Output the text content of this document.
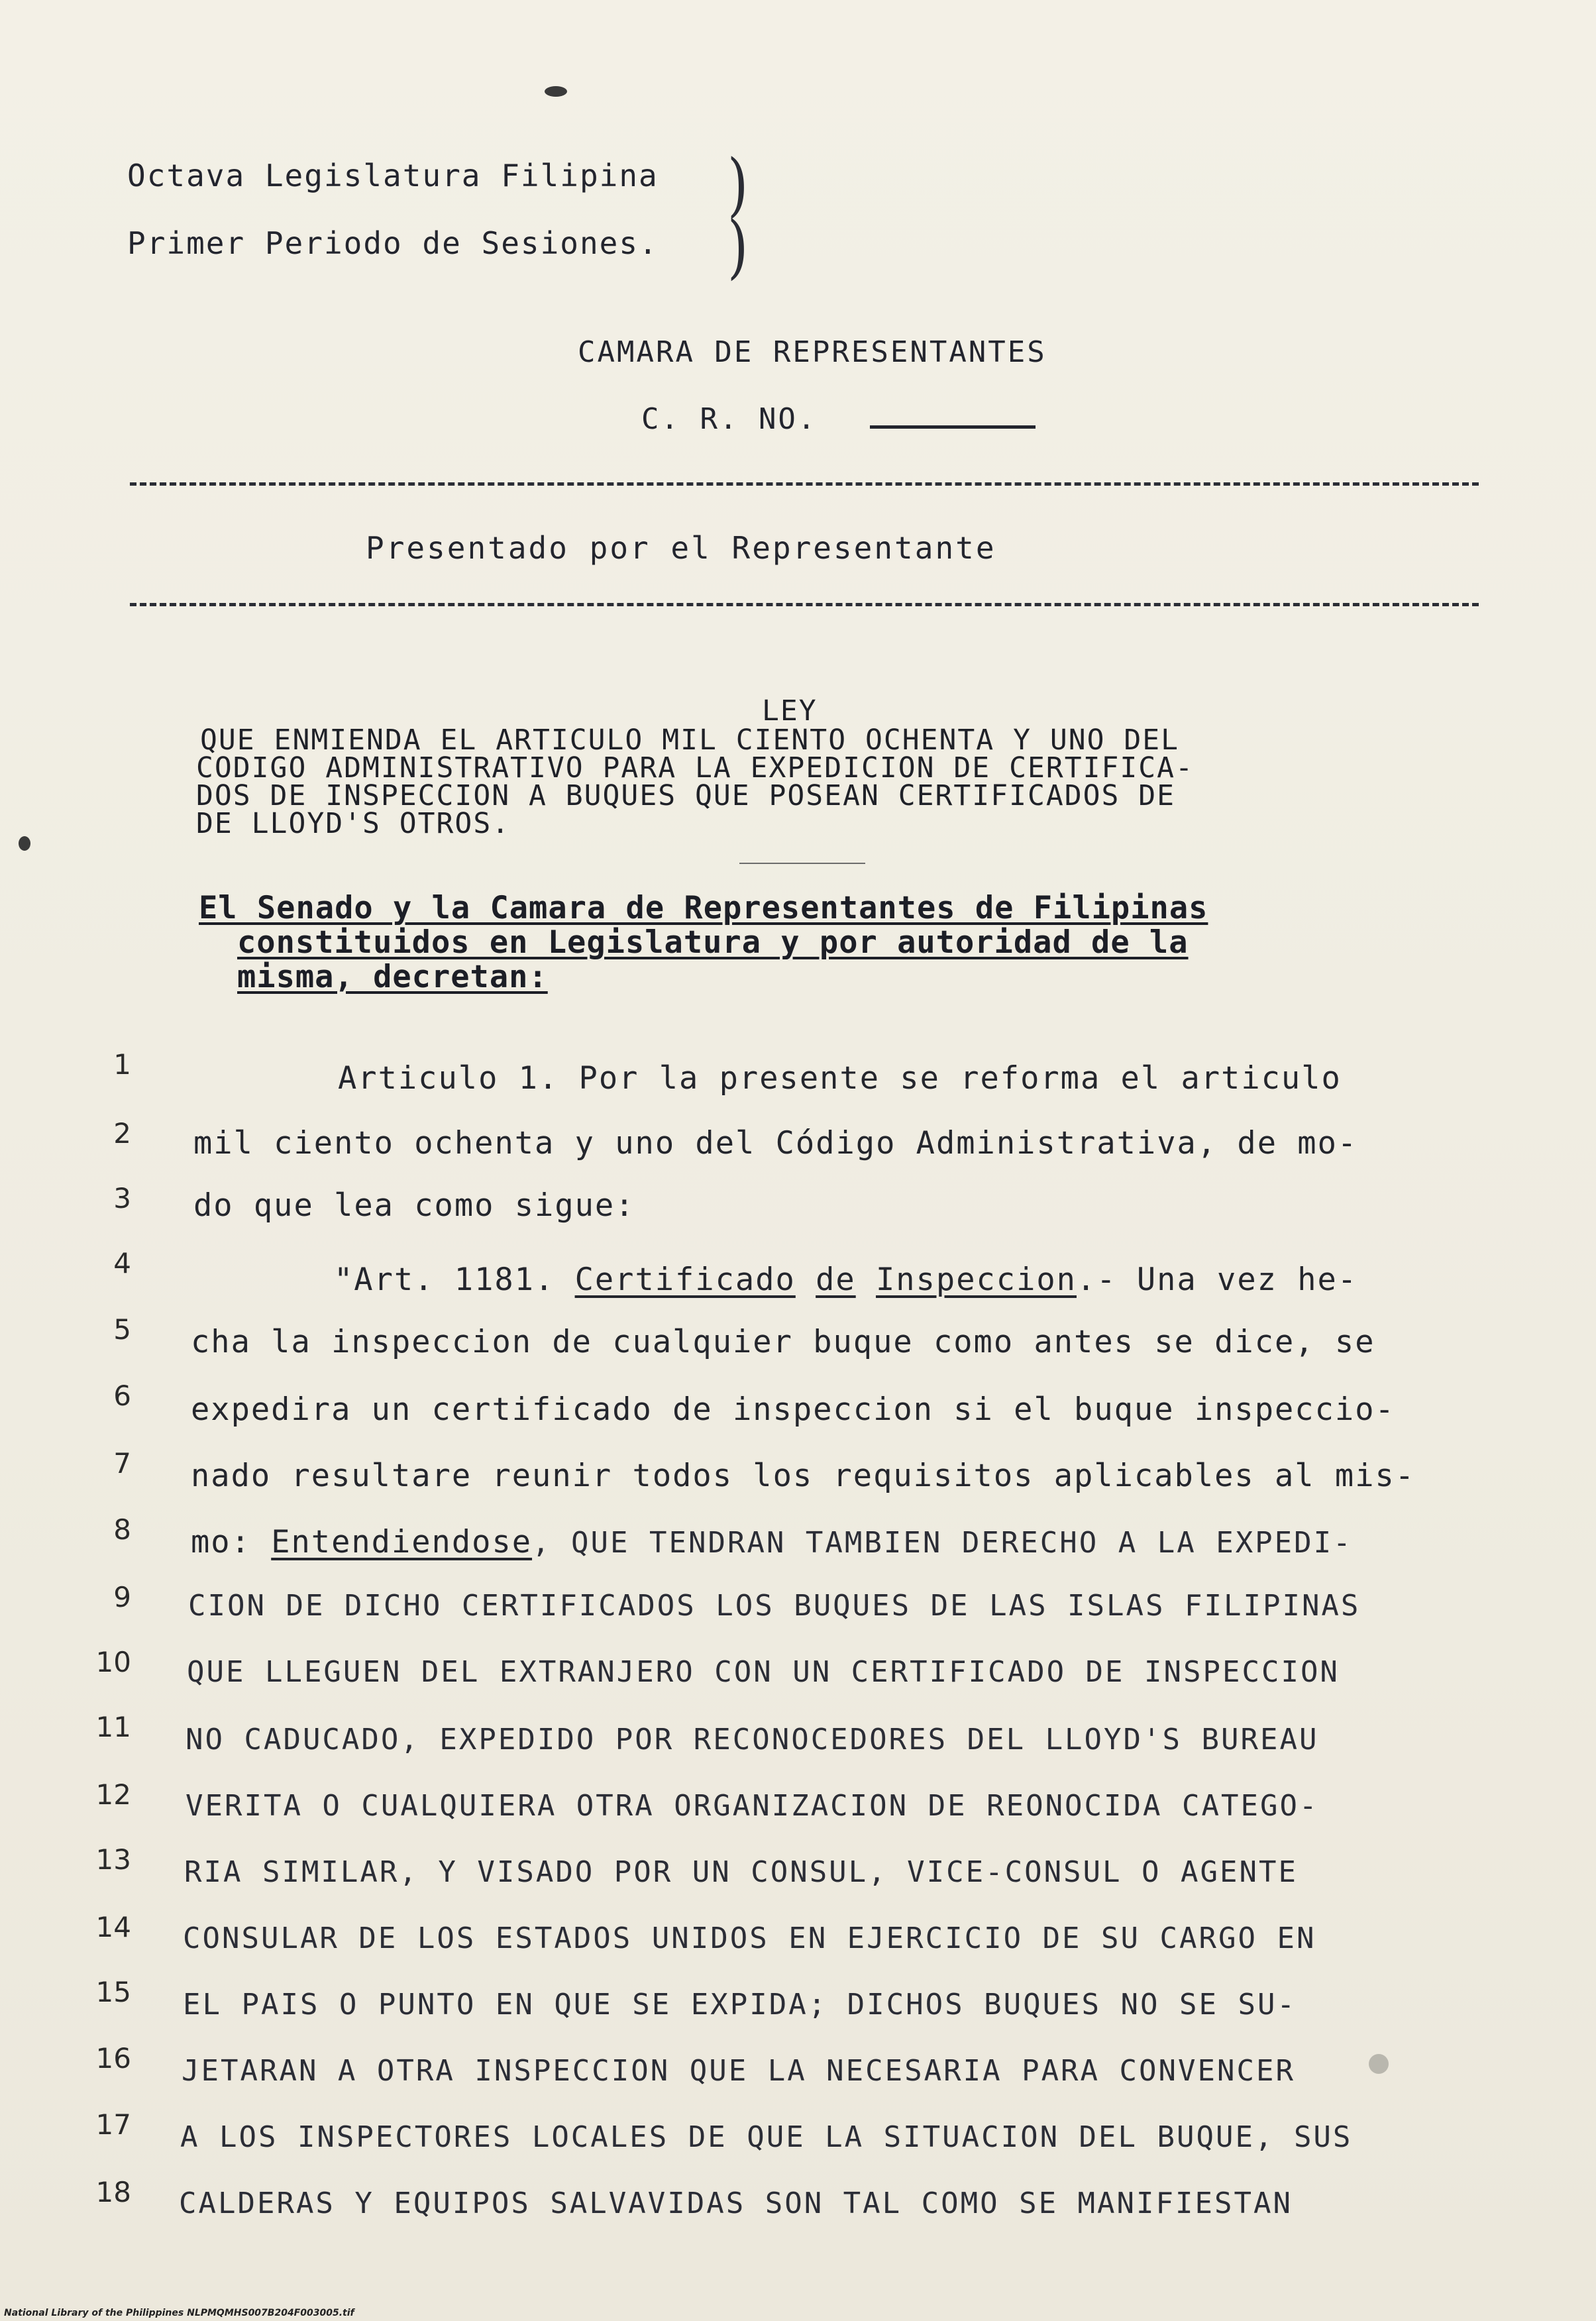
Octava Legislatura Filipina
Primer Periodo de Sesiones.
)
)
CAMARA DE REPRESENTANTES
C. R. NO.
Presentado por el Representante
LEY
QUE ENMIENDA EL ARTICULO MIL CIENTO OCHENTA Y UNO DEL
CODIGO ADMINISTRATIVO PARA LA EXPEDICION DE CERTIFICA-
DOS DE INSPECCION A BUQUES QUE POSEAN CERTIFICADOS DE
DE LLOYD'S OTROS.
El Senado y la Camara de Representantes de Filipinas
constituidos en Legislatura y por autoridad de la
misma, decretan:
1	Articulo 1. Por la presente se reforma el articulo
2 mil ciento ochenta y uno del Código Administrativa, de mo-
3 do que lea como sigue:
4	"Art. 1181. Certificado de Inspeccion.- Una vez he-
5 cha la inspeccion de cualquier buque como antes se dice, se
6 expedira un certificado de inspeccion si el buque inspeccio-
7 nado resultare reunir todos los requisitos aplicables al mis-
8 mo: Entendiendose, QUE TENDRAN TAMBIEN DERECHO A LA EXPEDI-
9 CION DE DICHO CERTIFICADOS LOS BUQUES DE LAS ISLAS FILIPINAS
10 QUE LLEGUEN DEL EXTRANJERO CON UN CERTIFICADO DE INSPECCION
11 NO CADUCADO, EXPEDIDO POR RECONOCEDORES DEL LLOYD'S BUREAU
12 VERITA O CUALQUIERA OTRA ORGANIZACION DE REONOCIDA CATEGO-
13 RIA SIMILAR, Y VISADO POR UN CONSUL, VICE-CONSUL O AGENTE
14 CONSULAR DE LOS ESTADOS UNIDOS EN EJERCICIO DE SU CARGO EN
15 EL PAIS O PUNTO EN QUE SE EXPIDA; DICHOS BUQUES NO SE SU-
16 JETARAN A OTRA INSPECCION QUE LA NECESARIA PARA CONVENCER
17 A LOS INSPECTORES LOCALES DE QUE LA SITUACION DEL BUQUE, SUS
18 CALDERAS Y EQUIPOS SALVAVIDAS SON TAL COMO SE MANIFIESTAN
National Library of the Philippines NLPMQMHS007B204F003005.tif
